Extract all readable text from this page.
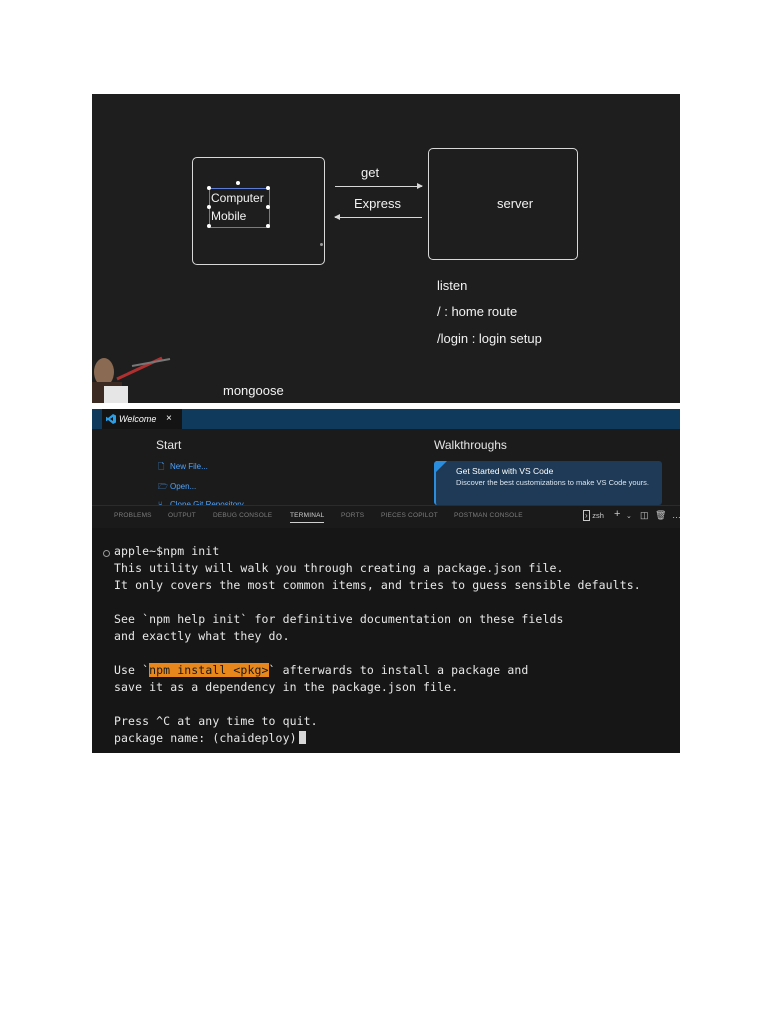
Computer
Mobile
get
Express	server
listen
/ : home route
/login : login setup
mongoose
Welcome ×
Start
🗋 New File...
🗁 Open...
Walkthroughs
Get Started with VS Code
Discover the best customizations to make VS Code yours.
PROBLEMS	OUTPUT	DEBUG CONSOLE	TERMINAL	PORTS	PIECES COPILOT POSTMAN CONSOLE	› zsh + ⌄ ◫ 🗑 …
apple~$npm init
This utility will walk you through creating a package.json file.
It only covers the most common items, and tries to guess sensible defaults.
See `npm help init` for definitive documentation on these fields
and exactly what they do.
Use `npm install <pkg>` afterwards to install a package and
save it as a dependency in the package.json file.
Press ^C at any time to quit.
package name: (chaideploy)
